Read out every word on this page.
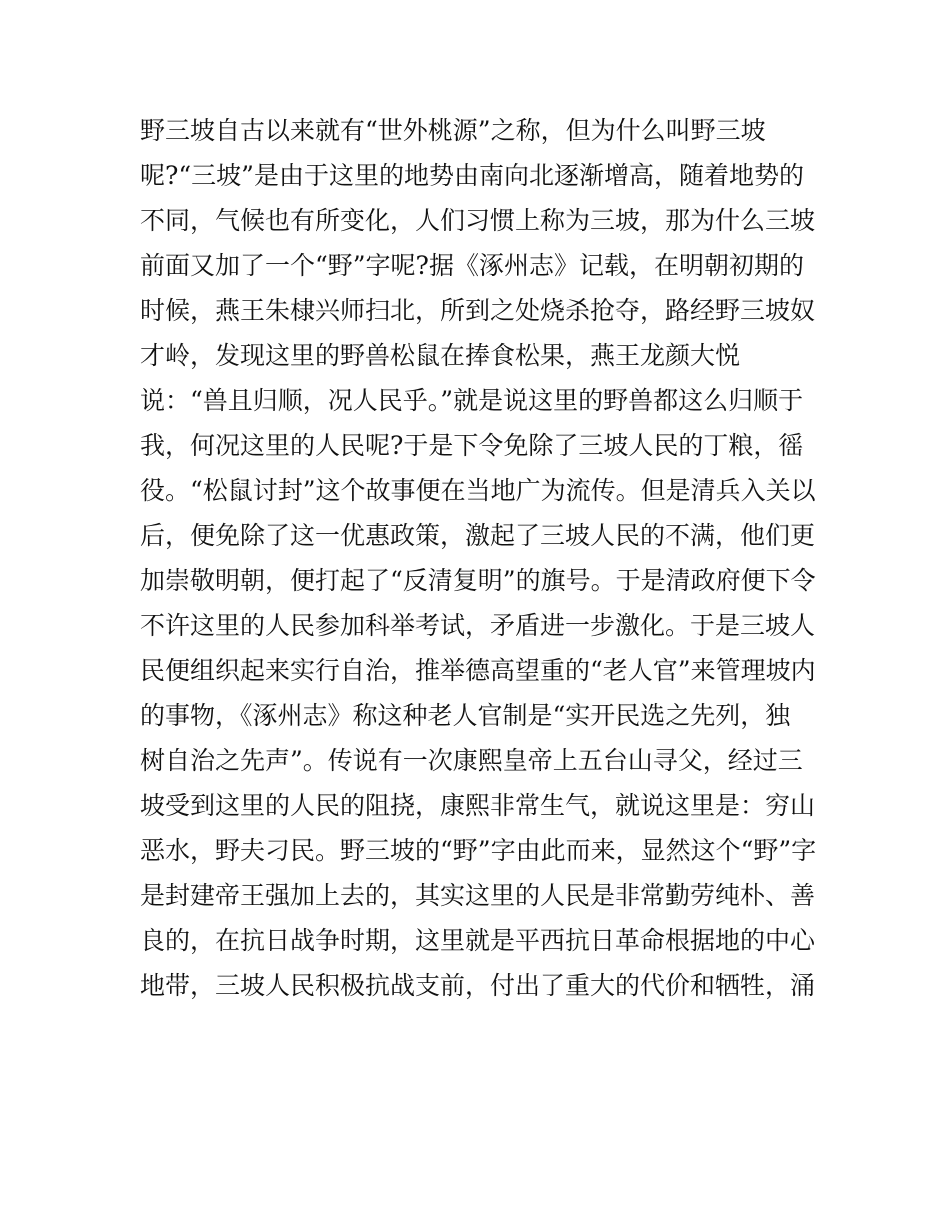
野三坡自古以来就有“世外桃源”之称，但为什么叫野三坡
呢?“三坡”是由于这里的地势由南向北逐渐增高，随着地势的
不同，气候也有所变化，人们习惯上称为三坡，那为什么三坡
前面又加了一个“野”字呢?据《涿州志》记载，在明朝初期的
时候，燕王朱棣兴师扫北，所到之处烧杀抢夺，路经野三坡奴
才岭，发现这里的野兽松鼠在捧食松果，燕王龙颜大悦
说：“兽且归顺，况人民乎。”就是说这里的野兽都这么归顺于
我，何况这里的人民呢?于是下令免除了三坡人民的丁粮，徭
役。“松鼠讨封”这个故事便在当地广为流传。但是清兵入关以
后，便免除了这一优惠政策，激起了三坡人民的不满，他们更
加崇敬明朝，便打起了“反清复明”的旗号。于是清政府便下令
不许这里的人民参加科举考试，矛盾进一步激化。于是三坡人
民便组织起来实行自治，推举德高望重的“老人官”来管理坡内
的事物，《涿州志》称这种老人官制是“实开民选之先列，独
树自治之先声”。传说有一次康熙皇帝上五台山寻父，经过三
坡受到这里的人民的阻挠，康熙非常生气，就说这里是：穷山
恶水，野夫刁民。野三坡的“野”字由此而来，显然这个“野”字
是封建帝王强加上去的，其实这里的人民是非常勤劳纯朴、善
良的，在抗日战争时期，这里就是平西抗日革命根据地的中心
地带，三坡人民积极抗战支前，付出了重大的代价和牺牲，涌
